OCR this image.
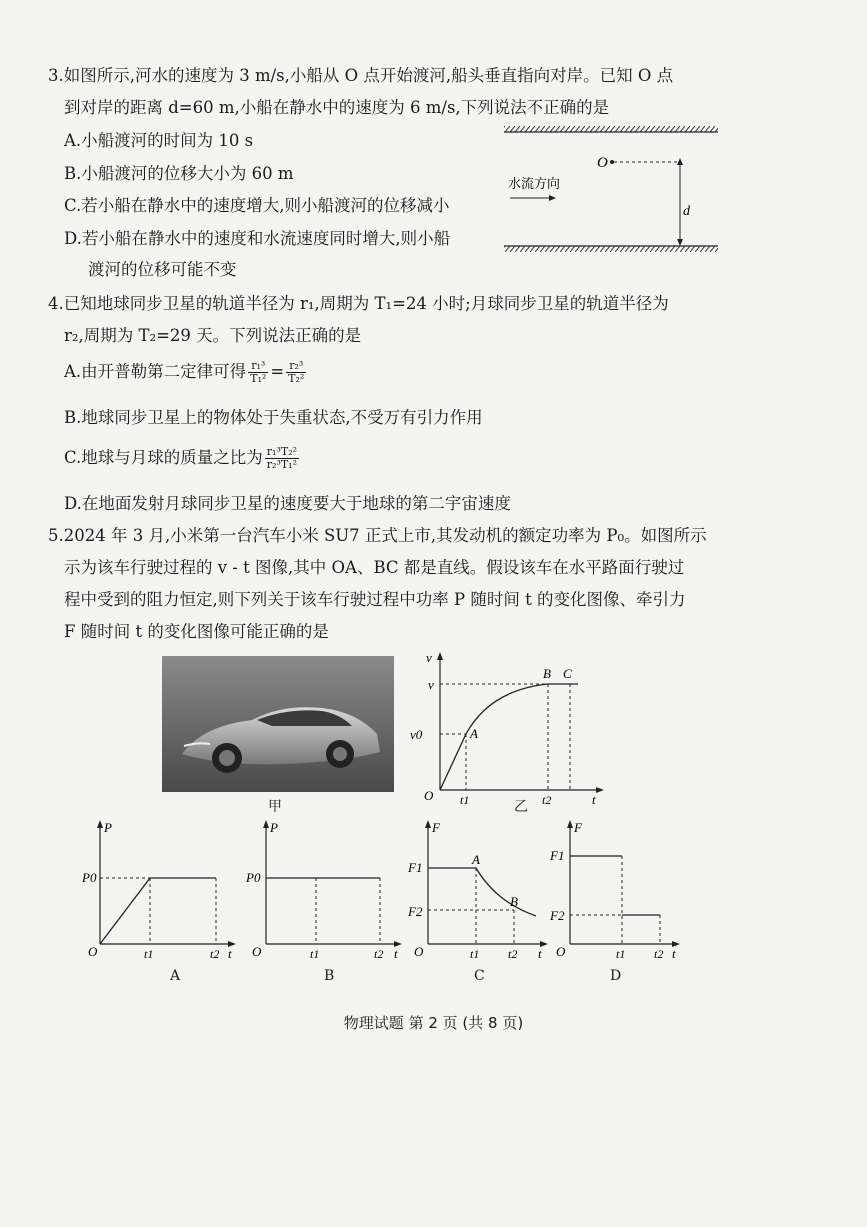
3.如图所示,河水的速度为 3 m/s,小船从 O 点开始渡河,船头垂直指向对岸。已知 O 点
到对岸的距离 d=60 m,小船在静水中的速度为 6 m/s,下列说法不正确的是
A.小船渡河的时间为 10 s
B.小船渡河的位移大小为 60 m
C.若小船在静水中的速度增大,则小船渡河的位移减小
D.若小船在静水中的速度和水流速度同时增大,则小船
渡河的位移可能不变
O
d
水流方向
4.已知地球同步卫星的轨道半径为 r₁,周期为 T₁=24 小时;月球同步卫星的轨道半径为
r₂,周期为 T₂=29 天。下列说法正确的是
A.由开普勒第二定律可得 $\frac{\text{r₁³}}{\text{T₁²}} = \frac{\text{r₂³}}{\text{T₂²}}$
B.地球同步卫星上的物体处于失重状态,不受万有引力作用
C.地球与月球的质量之比为 $\frac{\text{r₁³T₂²}}{\text{r₂³T₁²}}$
D.在地面发射月球同步卫星的速度要大于地球的第二宇宙速度
5.2024 年 3 月,小米第一台汽车小米 SU7 正式上市,其发动机的额定功率为 P₀。如图所示
示为该车行驶过程的 v - t 图像,其中 OA、BC 都是直线。假设该车在水平路面行驶过
程中受到的阻力恒定,则下列关于该车行驶过程中功率 P 随时间 t 的变化图像、牵引力
F 随时间 t 的变化图像可能正确的是
甲
v
v
v0	A
B C
O t1	t2	t
乙
P
P0
O	t1	t2 t
A
P
P0
O	t1	t2 t
B
F
F1
F2
A
B
O	t1 t2 t
C
F
F1
F2
O	t1 t2 t
D
物理试题 第 2 页 (共 8 页)
